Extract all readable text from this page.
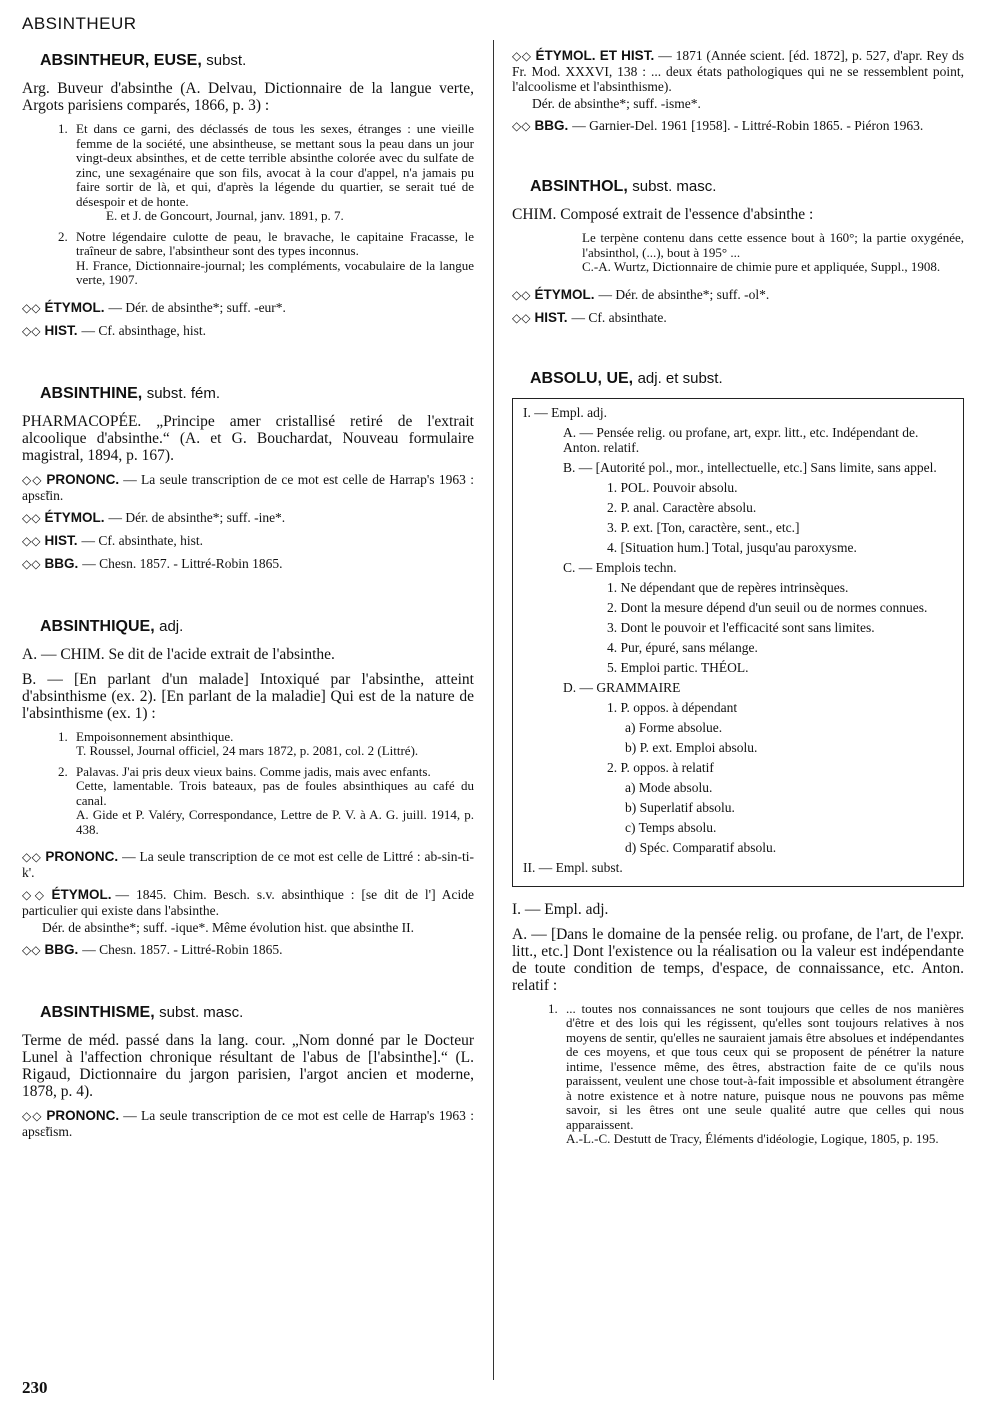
ABSINTHEUR
ABSINTHEUR, EUSE, subst.

Arg. Buveur d'absinthe (A. Delvau, Dictionnaire de la langue verte, Argots parisiens comparés, 1866, p. 3) :

1. Et dans ce garni, des déclassés de tous les sexes, étranges : une vieille femme de la société, une absintheuse, se mettant sous la peau dans un jour vingt-deux absinthes, et de cette terrible absinthe colorée avec du sulfate de zinc, une sexagénaire que son fils, avocat à la cour d'appel, n'a jamais pu faire sortir de là, et qui, d'après la légende du quartier, se serait tué de désespoir et de honte.
E. et J. de Goncourt, Journal, janv. 1891, p. 7.
2. Notre légendaire culotte de peau, le bravache, le capitaine Fracasse, le traîneur de sabre, l'absintheur sont des types inconnus.
H. France, Dictionnaire-journal; les compléments, vocabulaire de la langue verte, 1907.

◇◇ ÉTYMOL. — Dér. de absinthe*; suff. -eur*.

◇◇ HIST. — Cf. absinthage, hist.

ABSINTHINE, subst. fém.

PHARMACOPÉE. „Principe amer cristallisé retiré de l'extrait alcoolique d'absinthe.“ (A. et G. Bouchardat, Nouveau formulaire magistral, 1894, p. 167).

◇◇ PRONONC. — La seule transcription de ce mot est celle de Harrap's 1963 : apsε̃tin.

◇◇ ÉTYMOL. — Dér. de absinthe*; suff. -ine*.

◇◇ HIST. — Cf. absinthate, hist.

◇◇ BBG. — Chesn. 1857. - Littré-Robin 1865.

ABSINTHIQUE, adj.

A. — CHIM. Se dit de l'acide extrait de l'absinthe.

B. — [En parlant d'un malade] Intoxiqué par l'absinthe, atteint d'absinthisme (ex. 2). [En parlant de la maladie] Qui est de la nature de l'absinthisme (ex. 1) :

1. Empoisonnement absinthique.
T. Roussel, Journal officiel, 24 mars 1872, p. 2081, col. 2 (Littré).
2. Palavas. J'ai pris deux vieux bains. Comme jadis, mais avec enfants.
Cette, lamentable. Trois bateaux, pas de foules absinthiques au café du canal.
A. Gide et P. Valéry, Correspondance, Lettre de P. V. à A. G. juill. 1914, p. 438.

◇◇ PRONONC. — La seule transcription de ce mot est celle de Littré : ab-sin-ti-k'.

◇◇ ÉTYMOL. — 1845. Chim. Besch. s.v. absinthique : [se dit de l'] Acide particulier qui existe dans l'absinthe.

Dér. de absinthe*; suff. -ique*. Même évolution hist. que absinthe II.

◇◇ BBG. — Chesn. 1857. - Littré-Robin 1865.

ABSINTHISME, subst. masc.

Terme de méd. passé dans la lang. cour. „Nom donné par le Docteur Lunel à l'affection chronique résultant de l'abus de [l'absinthe].“ (L. Rigaud, Dictionnaire du jargon parisien, l'argot ancien et moderne, 1878, p. 4).

◇◇ PRONONC. — La seule transcription de ce mot est celle de Harrap's 1963 : apsε̃tism.

◇◇ ÉTYMOL. ET HIST. — 1871 (Année scient. [éd. 1872], p. 527, d'apr. Rey ds Fr. Mod. XXXVI, 138 : ... deux états pathologiques qui ne se ressemblent point, l'alcoolisme et l'absinthisme).

Dér. de absinthe*; suff. -isme*.

◇◇ BBG. — Garnier-Del. 1961 [1958]. - Littré-Robin 1865. - Piéron 1963.

ABSINTHOL, subst. masc.

CHIM. Composé extrait de l'essence d'absinthe :

Le terpène contenu dans cette essence bout à 160°; la partie oxygénée, l'absinthol, (...), bout à 195° ...
C.-A. Wurtz, Dictionnaire de chimie pure et appliquée, Suppl., 1908.

◇◇ ÉTYMOL. — Dér. de absinthe*; suff. -ol*.

◇◇ HIST. — Cf. absinthate.

ABSOLU, UE, adj. et subst.
I. — Empl. adj.
A. — Pensée relig. ou profane, art, expr. litt., etc. Indépendant de. Anton. relatif.
B. — [Autorité pol., mor., intellectuelle, etc.] Sans limite, sans appel.
1. POL. Pouvoir absolu.
2. P. anal. Caractère absolu.
3. P. ext. [Ton, caractère, sent., etc.]
4. [Situation hum.] Total, jusqu'au paroxysme.
C. — Emplois techn.
1. Ne dépendant que de repères intrinsèques.
2. Dont la mesure dépend d'un seuil ou de normes connues.
3. Dont le pouvoir et l'efficacité sont sans limites.
4. Pur, épuré, sans mélange.
5. Emploi partic. THÉOL.
D. — GRAMMAIRE
1. P. oppos. à dépendant
a) Forme absolue.
b) P. ext. Emploi absolu.
2. P. oppos. à relatif
a) Mode absolu.
b) Superlatif absolu.
c) Temps absolu.
d) Spéc. Comparatif absolu.
II. — Empl. subst.

I. — Empl. adj.

A. — [Dans le domaine de la pensée relig. ou profane, de l'art, de l'expr. litt., etc.] Dont l'existence ou la réalisation ou la valeur est indépendante de toute condition de temps, d'espace, de connaissance, etc. Anton. relatif :

1. ... toutes nos connaissances ne sont toujours que celles de nos manières d'être et des lois qui les régissent, qu'elles sont toujours relatives à nos moyens de sentir, qu'elles ne sauraient jamais être absolues et indépendantes de ces moyens, et que tous ceux qui se proposent de pénétrer la nature intime, l'essence même, des êtres, abstraction faite de ce qu'ils nous paraissent, veulent une chose tout-à-fait impossible et absolument étrangère à notre existence et à notre nature, puisque nous ne pouvons pas même savoir, si les êtres ont une seule qualité autre que celles qui nous apparaissent.
A.-L.-C. Destutt de Tracy, Éléments d'idéologie, Logique, 1805, p. 195.
230
